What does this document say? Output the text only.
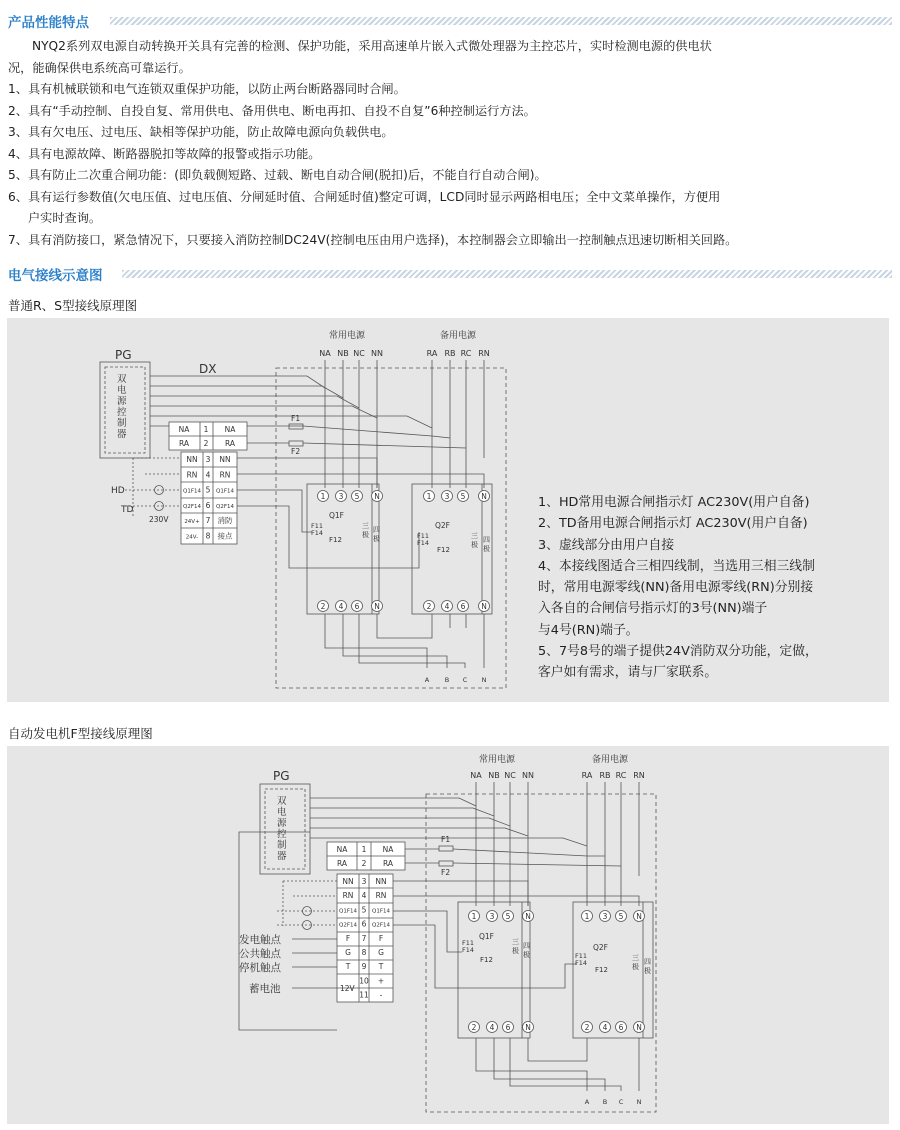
产品性能特点
NYQ2系列双电源自动转换开关具有完善的检测、保护功能，采用高速单片嵌入式微处理器为主控芯片，实时检测电源的供电状
况，能确保供电系统高可靠运行。
1、具有机械联锁和电气连锁双重保护功能，以防止两台断路器同时合闸。
2、具有“手动控制、自投自复、常用供电、备用供电、断电再扣、自投不自复”6种控制运行方法。
3、具有欠电压、过电压、缺相等保护功能，防止故障电源向负载供电。
4、具有电源故障、断路器脱扣等故障的报警或指示功能。
5、具有防止二次重合闸功能：(即负载侧短路、过载、断电自动合闸(脱扣)后，不能自行自动合闸)。
6、具有运行参数值(欠电压值、过电压值、分闸延时值、合闸延时值)整定可调，LCD同时显示两路相电压；全中文菜单操作，方便用
户实时查询。
7、具有消防接口，紧急情况下，只要接入消防控制DC24V(控制电压由用户选择)，本控制器会立即输出一控制触点迅速切断相关回路。
电气接线示意图
普通R、S型接线原理图
PG
DX
常用电源	备用电源
HD
TD
230V
F1
F2
Q1F
Q2F
F11
F14
F12	F11
F14
F12
三
极
四
极	三
极
四
极
双
电
源
控
制
器
NA NB NC NN	RA RB RC RN
NA 1 NA
RA 2 RA
NN 3 NN
RN 4 RN
Q1F14 5 Q1F14
Q2F14 6 Q2F14
24V+ 7 消防
24V- 8 接点
1 3 5 N
2 4 6 N
1 3 5 N
2 4 6 N
A B C N
1、HD常用电源合闸指示灯 AC230V(用户自备)
2、TD备用电源合闸指示灯 AC230V(用户自备)
3、虚线部分由用户自接
4、本接线图适合三相四线制，当选用三相三线制
时，常用电源零线(NN)备用电源零线(RN)分别接
入各自的合闸信号指示灯的3号(NN)端子
与4号(RN)端子。
5、7号8号的端子提供24V消防双分功能，定做，
客户如有需求，请与厂家联系。
自动发电机F型接线原理图
PG
常用电源	备用电源
发电触点
公共触点
停机触点
蓄电池	12V
F1
F2
Q1F
Q2F
F11
F14
F12	F11
F14
F12
三
极
四
极	三
极
四
极
双
电
源
控
制
器
NA NB NC NN	RA RB RC RN
NA 1 NA
RA 2 RA
NN 3 NN
RN 4 RN
Q1F14 5 Q1F14
Q2F14 6 Q2F14
F 7 F
G 8 G
T 9 T
10 +
11 -
1 3 5 N
2 4 6 N
1 3 5 N
2 4 6 N
A B C N
